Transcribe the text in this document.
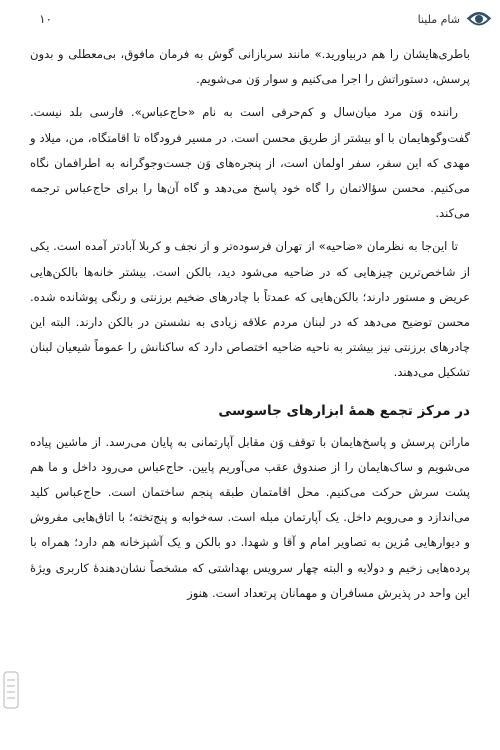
شام ملینا
۱۰

باطری‌هایشان را هم دربیاورید.» مانند سربازانی گوش به فرمان مافوق، بی‌معطلی و بدون پرسش، دستوراتش را اجرا می‌کنیم و سوار وَن می‌شویم.

راننده وَن مرد میان‌سال و کم‌حرفی است به نام «حاج‌عباس». فارسی بلد نیست. گفت‌وگوهایمان با او بیشتر از طریق محسن است. در مسیر فرودگاه تا اقامتگاه، من، میلاد و مهدی که این سفر، سفر اولمان است، از پنجره‌های وَن جست‌وجوگرانه به اطرافمان نگاه می‌کنیم. محسن سؤالاتمان را گاه خود پاسخ می‌دهد و گاه آن‌ها را برای حاج‌عباس ترجمه می‌کند.

تا این‌جا به نظرمان «ضاحیه» از تهران فرسوده‌تر و از نجف و کربلا آبادتر آمده است. یکی از شاخص‌ترین چیزهایی که در ضاحیه می‌شود دید، بالکن است. بیشتر خانه‌ها بالکن‌هایی عریض و مستور دارند؛ بالکن‌هایی که عمدتاً با چادرهای ضخیم برزنتی و رنگی پوشانده شده. محسن توضیح می‌دهد که در لبنان مردم علاقه زیادی به نشستن در بالکن دارند. البته این چادرهای برزنتی نیز بیشتر به ناحیه ضاحیه اختصاص دارد که ساکنانش را عموماً شیعیان لبنان تشکیل می‌دهند.

در مرکز تجمع همهٔ ابزارهای جاسوسی

ماراتن پرسش و پاسخ‌هایمان با توقف وَن مقابل آپارتمانی به پایان می‌رسد. از ماشین پیاده می‌شویم و ساک‌هایمان را از صندوق عقب می‌آوریم پایین. حاج‌عباس می‌رود داخل و ما هم پشت سرش حرکت می‌کنیم. محل اقامتمان طبقه پنجم ساختمان است. حاج‌عباس کلید می‌اندازد و می‌رویم داخل. یک آپارتمان مبله است. سه‌خوابه و پنج‌تخته؛ با اتاق‌هایی مفروش و دیوارهایی مُزین به تصاویر امام و آقا و شهدا. دو بالکن و یک آشپزخانه هم دارد؛ همراه با پرده‌هایی زخیم و دولایه و البته چهار سرویس بهداشتی که مشخصاً نشان‌دهندهٔ کاربری ویژهٔ این واحد در پذیرش مسافران و مهمانان پرتعداد است. هنوز
